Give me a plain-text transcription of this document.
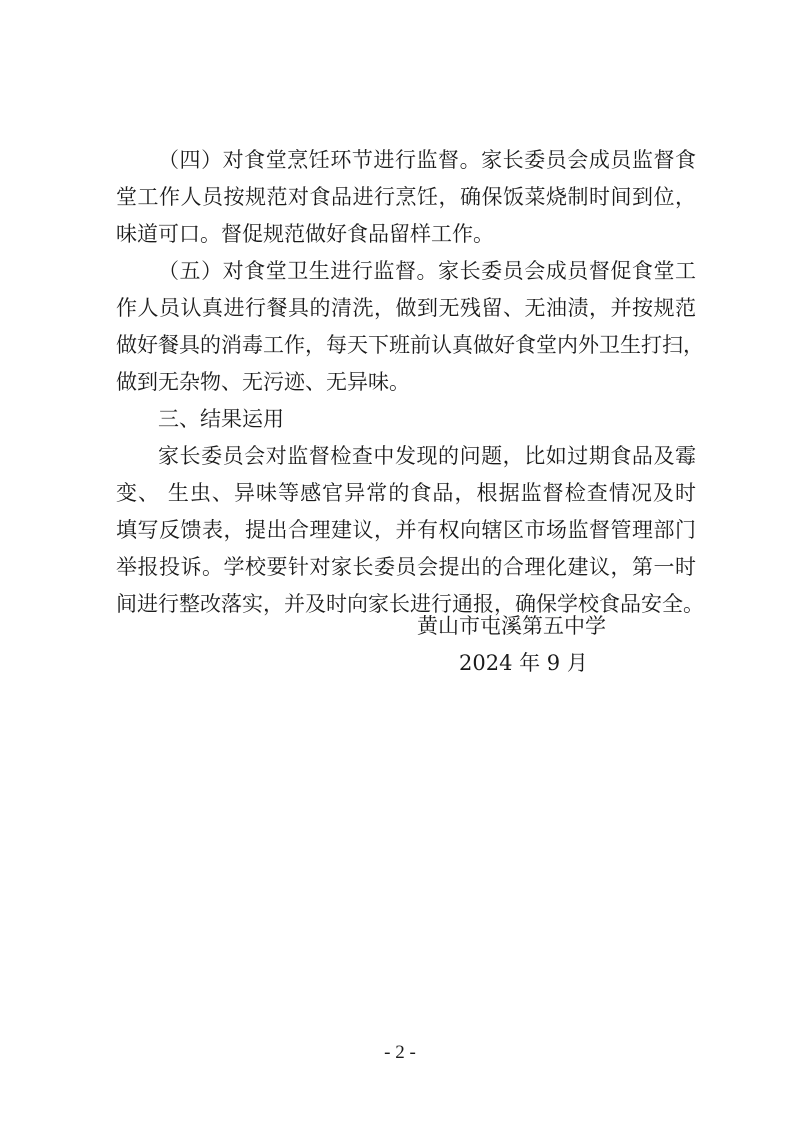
（四）对食堂烹饪环节进行监督。家长委员会成员监督食
堂工作人员按规范对食品进行烹饪，确保饭菜烧制时间到位，
味道可口。督促规范做好食品留样工作。
（五）对食堂卫生进行监督。家长委员会成员督促食堂工
作人员认真进行餐具的清洗，做到无残留、无油渍，并按规范
做好餐具的消毒工作，每天下班前认真做好食堂内外卫生打扫，
做到无杂物、无污迹、无异味。
三、结果运用
家长委员会对监督检查中发现的问题，比如过期食品及霉
变、 生虫、异味等感官异常的食品，根据监督检查情况及时
填写反馈表，提出合理建议，并有权向辖区市场监督管理部门
举报投诉。学校要针对家长委员会提出的合理化建议，第一时
间进行整改落实，并及时向家长进行通报，确保学校食品安全。
黄山市屯溪第五中学
2024 年 9 月
- 2 -
